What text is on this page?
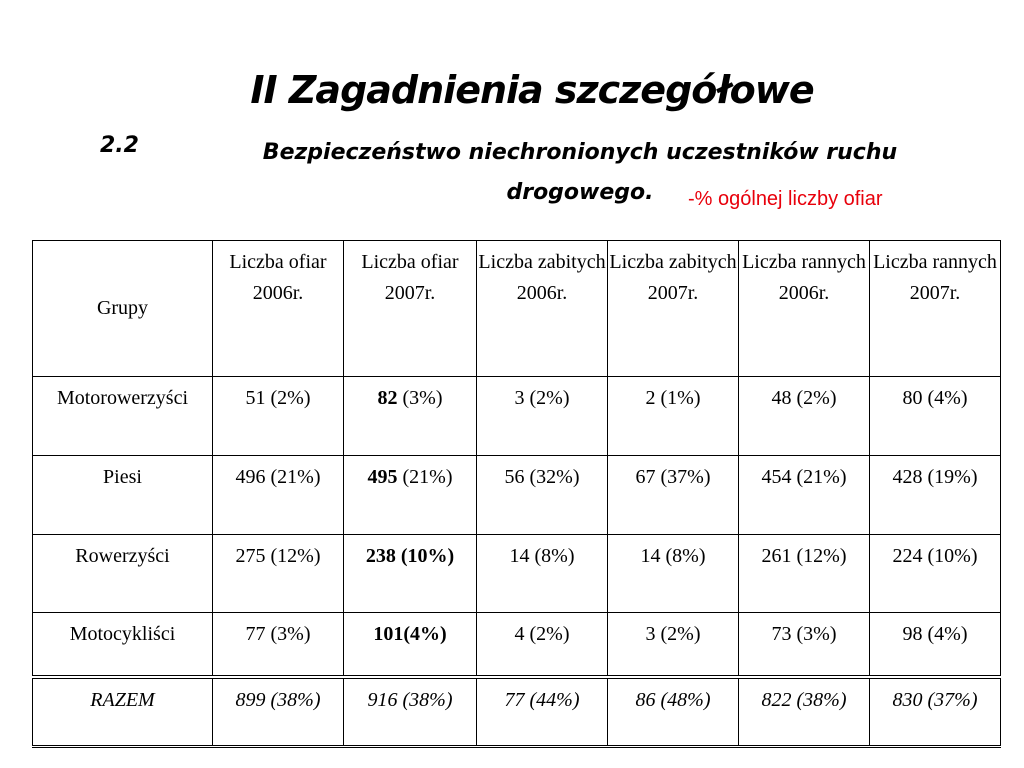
II Zagadnienia szczegółowe
2.2	Bezpieczeństwo niechronionych uczestników ruchu drogowego.	-% ogólnej liczby ofiar
Grupy	Liczba ofiar 2006r.	Liczba ofiar 2007r.	Liczba zabitych 2006r.	Liczba zabitych 2007r.	Liczba rannych 2006r.	Liczba rannych 2007r.
Motorowerzyści	51 (2%)	82 (3%)	3 (2%)	2 (1%)	48 (2%)	80 (4%)
Piesi	496 (21%)	495 (21%)	56 (32%)	67 (37%)	454 (21%)	428 (19%)
Rowerzyści	275 (12%)	238 (10%)	14 (8%)	14 (8%)	261 (12%)	224 (10%)
Motocykliści	77 (3%)	101(4%)	4 (2%)	3 (2%)	73 (3%)	98 (4%)
RAZEM	899 (38%)	916 (38%)	77 (44%)	86 (48%)	822 (38%)	830 (37%)
